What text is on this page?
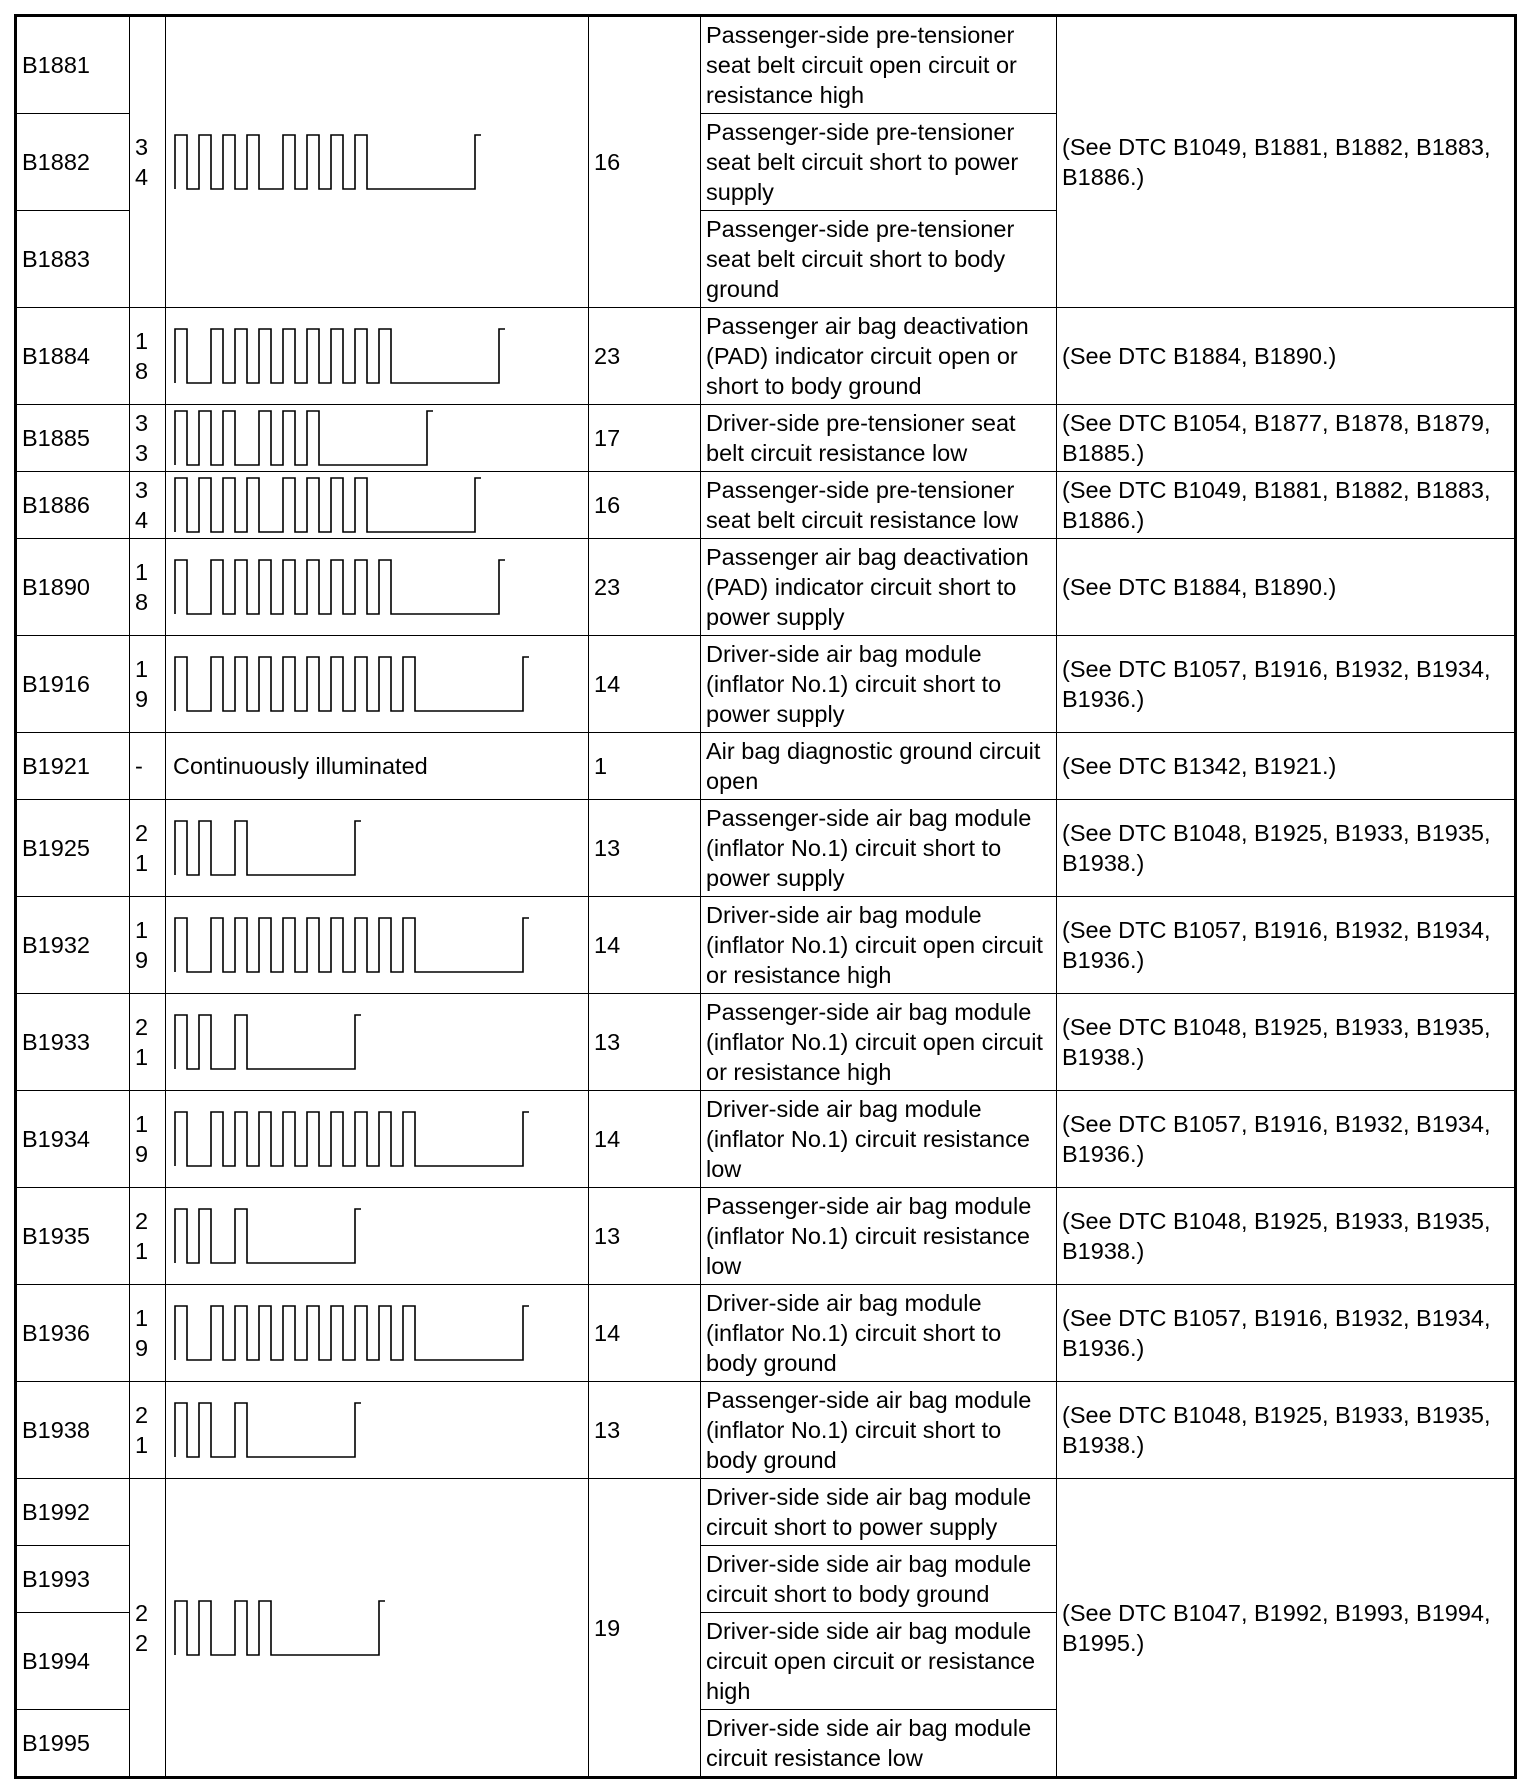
B1881	34		16	Passenger-side pre-tensioner seat belt circuit open circuit or resistance high	(See DTC B1049, B1881, B1882, B1883, B1886.)
B1882				Passenger-side pre-tensioner seat belt circuit short to power supply	
B1883				Passenger-side pre-tensioner seat belt circuit short to body ground	
B1884	18		23	Passenger air bag deactivation (PAD) indicator circuit open or short to body ground	(See DTC B1884, B1890.)
B1885	33		17	Driver-side pre-tensioner seat belt circuit resistance low	(See DTC B1054, B1877, B1878, B1879, B1885.)
B1886	34		16	Passenger-side pre-tensioner seat belt circuit resistance low	(See DTC B1049, B1881, B1882, B1883, B1886.)
B1890	18		23	Passenger air bag deactivation (PAD) indicator circuit short to power supply	(See DTC B1884, B1890.)
B1916	19		14	Driver-side air bag module (inflator No.1) circuit short to power supply	(See DTC B1057, B1916, B1932, B1934, B1936.)
B1921	-	Continuously illuminated	1	Air bag diagnostic ground circuit open	(See DTC B1342, B1921.)
B1925	21		13	Passenger-side air bag module (inflator No.1) circuit short to power supply	(See DTC B1048, B1925, B1933, B1935, B1938.)
B1932	19		14	Driver-side air bag module (inflator No.1) circuit open circuit or resistance high	(See DTC B1057, B1916, B1932, B1934, B1936.)
B1933	21		13	Passenger-side air bag module (inflator No.1) circuit open circuit or resistance high	(See DTC B1048, B1925, B1933, B1935, B1938.)
B1934	19		14	Driver-side air bag module (inflator No.1) circuit resistance low	(See DTC B1057, B1916, B1932, B1934, B1936.)
B1935	21		13	Passenger-side air bag module (inflator No.1) circuit resistance low	(See DTC B1048, B1925, B1933, B1935, B1938.)
B1936	19		14	Driver-side air bag module (inflator No.1) circuit short to body ground	(See DTC B1057, B1916, B1932, B1934, B1936.)
B1938	21		13	Passenger-side air bag module (inflator No.1) circuit short to body ground	(See DTC B1048, B1925, B1933, B1935, B1938.)
B1992	22		19	Driver-side side air bag module circuit short to power supply	(See DTC B1047, B1992, B1993, B1994, B1995.)
B1993				Driver-side side air bag module circuit short to body ground	
B1994				Driver-side side air bag module circuit open circuit or resistance high	
B1995				Driver-side side air bag module circuit resistance low	
